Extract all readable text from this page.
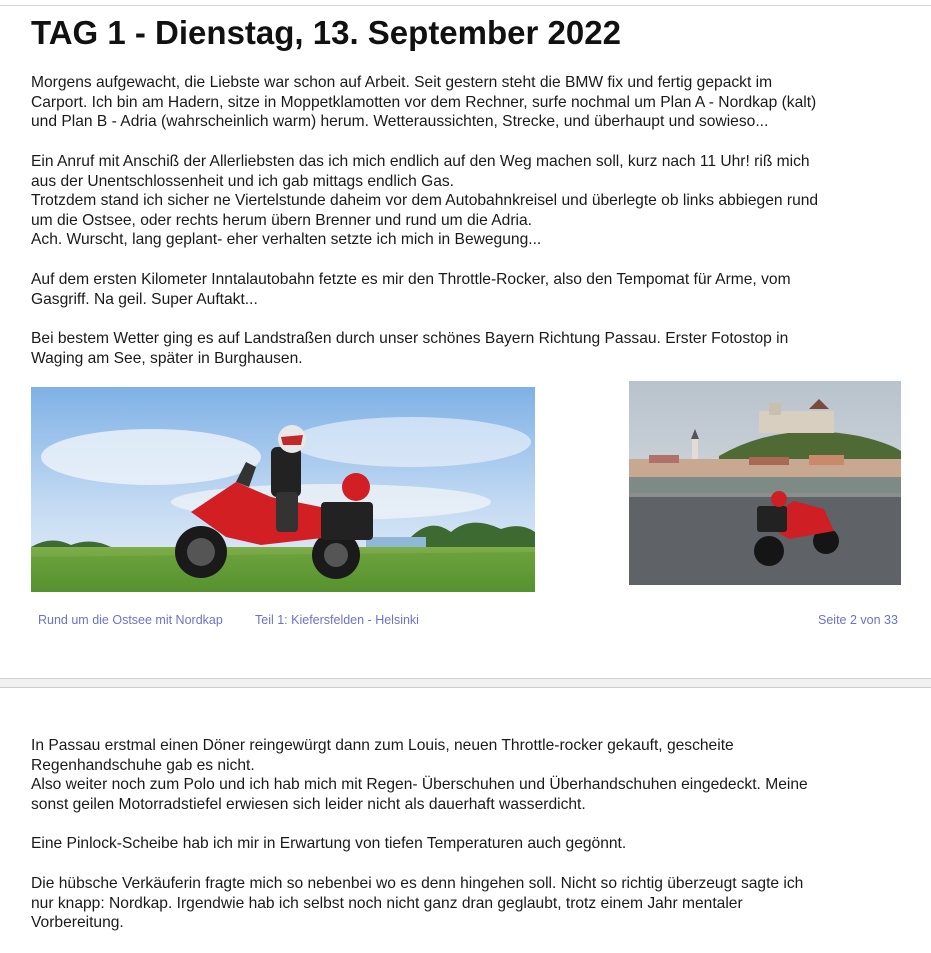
TAG 1 - Dienstag, 13. September 2022

Morgens aufgewacht, die Liebste war schon auf Arbeit. Seit gestern steht die BMW fix und fertig gepackt im
Carport. Ich bin am Hadern, sitze in Moppetklamotten vor dem Rechner, surfe nochmal um Plan A - Nordkap (kalt)
und Plan B - Adria (wahrscheinlich warm) herum. Wetteraussichten, Strecke, und überhaupt und sowieso...

Ein Anruf mit Anschiß der Allerliebsten das ich mich endlich auf den Weg machen soll, kurz nach 11 Uhr! riß mich
aus der Unentschlossenheit und ich gab mittags endlich Gas.
Trotzdem stand ich sicher ne Viertelstunde daheim vor dem Autobahnkreisel und überlegte ob links abbiegen rund
um die Ostsee, oder rechts herum übern Brenner und rund um die Adria.
Ach. Wurscht, lang geplant- eher verhalten setzte ich mich in Bewegung...

Auf dem ersten Kilometer Inntalautobahn fetzte es mir den Throttle-Rocker, also den Tempomat für Arme, vom
Gasgriff. Na geil. Super Auftakt...

Bei bestem Wetter ging es auf Landstraßen durch unser schönes Bayern Richtung Passau. Erster Fotostop in
Waging am See, später in Burghausen.

Rund um die Ostsee mit Nordkap	Teil 1: Kiefersfelden - Helsinki	Seite 2 von 33

In Passau erstmal einen Döner reingewürgt dann zum Louis, neuen Throttle-rocker gekauft, gescheite
Regenhandschuhe gab es nicht.
Also weiter noch zum Polo und ich hab mich mit Regen- Überschuhen und Überhandschuhen eingedeckt. Meine
sonst geilen Motorradstiefel erwiesen sich leider nicht als dauerhaft wasserdicht.

Eine Pinlock-Scheibe hab ich mir in Erwartung von tiefen Temperaturen auch gegönnt.

Die hübsche Verkäuferin fragte mich so nebenbei wo es denn hingehen soll. Nicht so richtig überzeugt sagte ich
nur knapp: Nordkap. Irgendwie hab ich selbst noch nicht ganz dran geglaubt, trotz einem Jahr mentaler
Vorbereitung.
